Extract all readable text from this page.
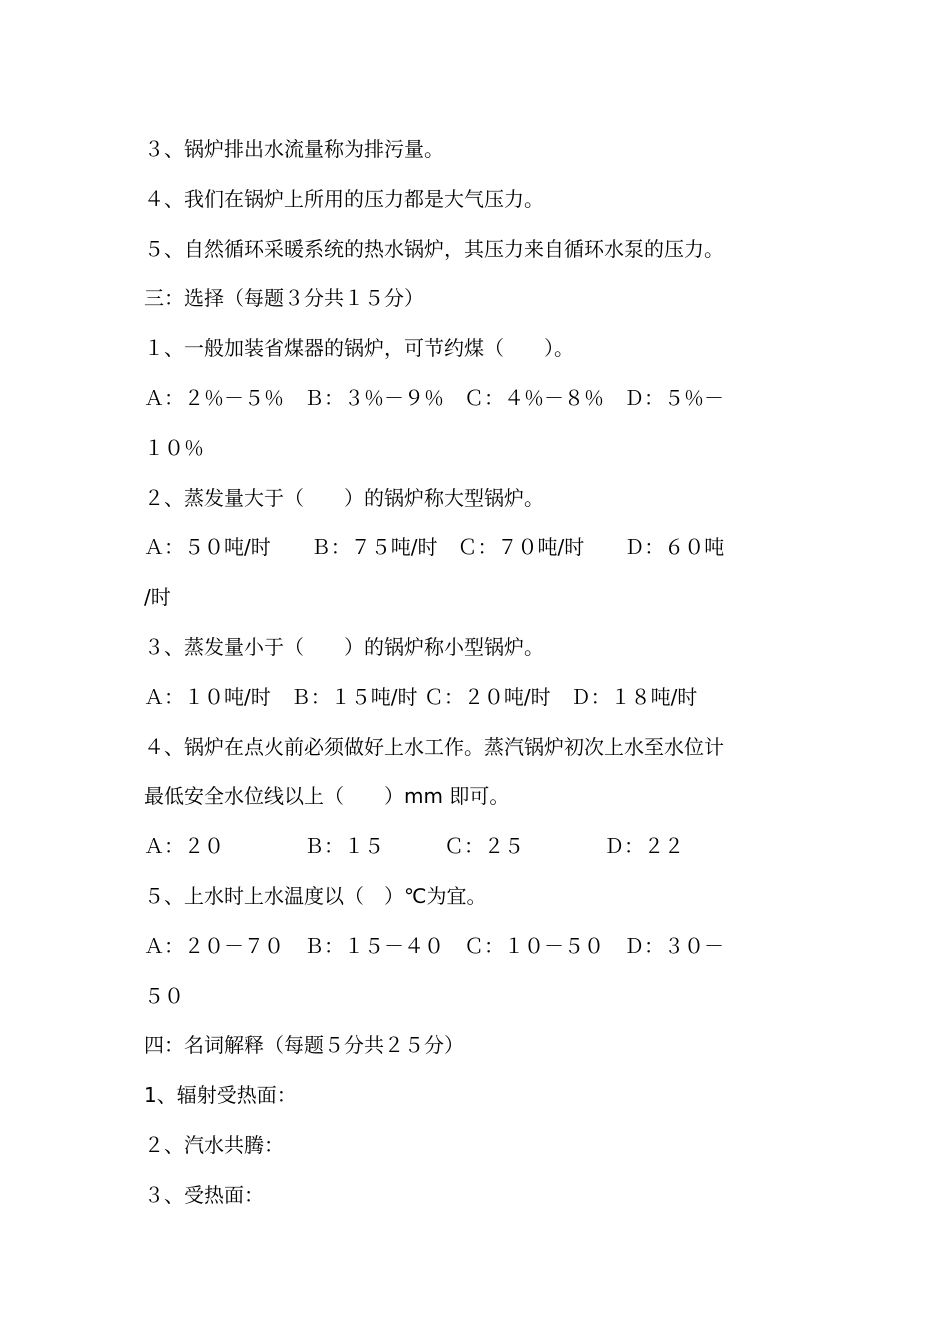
３、锅炉排出水流量称为排污量。
４、我们在锅炉上所用的压力都是大气压力。
５、自然循环采暖系统的热水锅炉，其压力来自循环水泵的压力。
三：选择（每题３分共１５分）
１、一般加装省煤器的锅炉，可节约煤（　　）。
Ａ：２％－５％　Ｂ：３％－９％　Ｃ：４％－８％　Ｄ：５％－
１０％
２、蒸发量大于（　　）的锅炉称大型锅炉。
Ａ：５０吨/时　　Ｂ：７５吨/时　Ｃ：７０吨/时　　Ｄ：６０吨
/时
３、蒸发量小于（　　）的锅炉称小型锅炉。
Ａ：１０吨/时　Ｂ：１５吨/时 Ｃ：２０吨/时　Ｄ：１８吨/时
４、锅炉在点火前必须做好上水工作。蒸汽锅炉初次上水至水位计
最低安全水位线以上（　　）mm 即可。
Ａ：２０　　　　Ｂ：１５　　　Ｃ：２５　　　　Ｄ：２２
５、上水时上水温度以（　）℃为宜。
Ａ：２０－７０　Ｂ：１５－４０　Ｃ：１０－５０　Ｄ：３０－
５０
四：名词解释（每题５分共２５分）
1、辐射受热面：
２、汽水共腾：
３、受热面：
